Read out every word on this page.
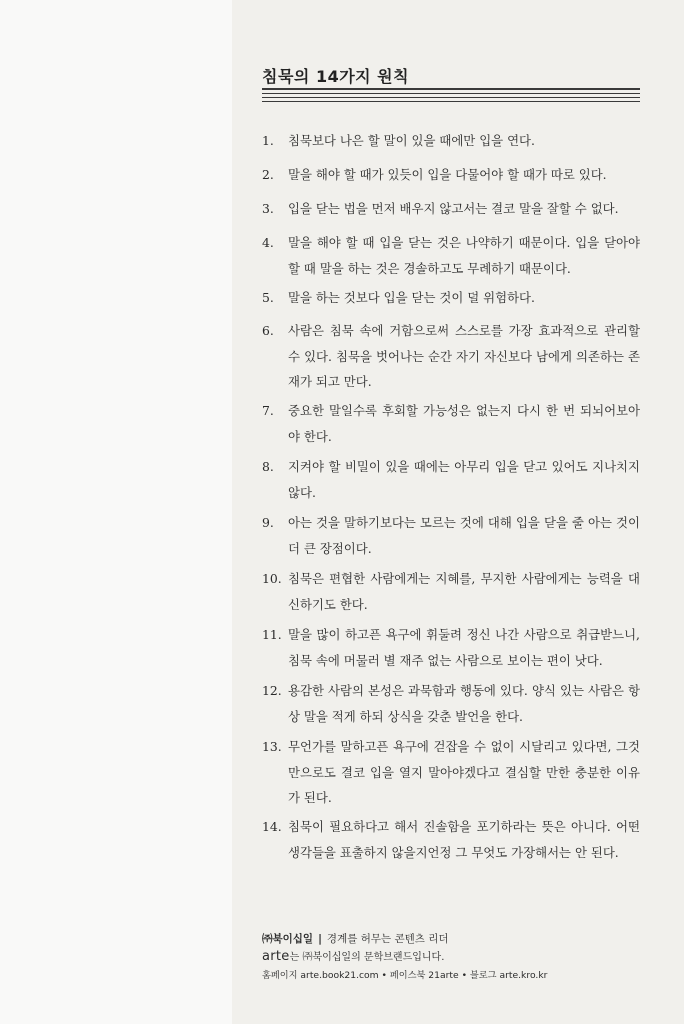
침묵의 14가지 원칙
1.	침묵보다 나은 할 말이 있을 때에만 입을 연다.
2.	말을 해야 할 때가 있듯이 입을 다물어야 할 때가 따로 있다.
3.	입을 닫는 법을 먼저 배우지 않고서는 결코 말을 잘할 수 없다.
4.	말을 해야 할 때 입을 닫는 것은 나약하기 때문이다. 입을 닫아야 할 때 말을 하는 것은 경솔하고도 무례하기 때문이다.
5.	말을 하는 것보다 입을 닫는 것이 덜 위험하다.
6.	사람은 침묵 속에 거함으로써 스스로를 가장 효과적으로 관리할 수 있다. 침묵을 벗어나는 순간 자기 자신보다 남에게 의존하는 존재가 되고 만다.
7.	중요한 말일수록 후회할 가능성은 없는지 다시 한 번 되뇌어보아야 한다.
8.	지켜야 할 비밀이 있을 때에는 아무리 입을 닫고 있어도 지나치지 않다.
9.	아는 것을 말하기보다는 모르는 것에 대해 입을 닫을 줄 아는 것이 더 큰 장점이다.
10. 침묵은 편협한 사람에게는 지혜를, 무지한 사람에게는 능력을 대신하기도 한다.
11. 말을 많이 하고픈 욕구에 휘둘려 정신 나간 사람으로 취급받느니, 침묵 속에 머물러 별 재주 없는 사람으로 보이는 편이 낫다.
12. 용감한 사람의 본성은 과묵함과 행동에 있다. 양식 있는 사람은 항상 말을 적게 하되 상식을 갖춘 발언을 한다.
13. 무언가를 말하고픈 욕구에 걷잡을 수 없이 시달리고 있다면, 그것만으로도 결코 입을 열지 말아야겠다고 결심할 만한 충분한 이유가 된다.
14. 침묵이 필요하다고 해서 진솔함을 포기하라는 뜻은 아니다. 어떤 생각들을 표출하지 않을지언정 그 무엇도 가장해서는 안 된다.
㈜북이십일 | 경계를 허무는 콘텐츠 리더
arte는 ㈜북이십일의 문학브랜드입니다.
홈페이지 arte.book21.com • 페이스북 21arte • 블로그 arte.kro.kr
